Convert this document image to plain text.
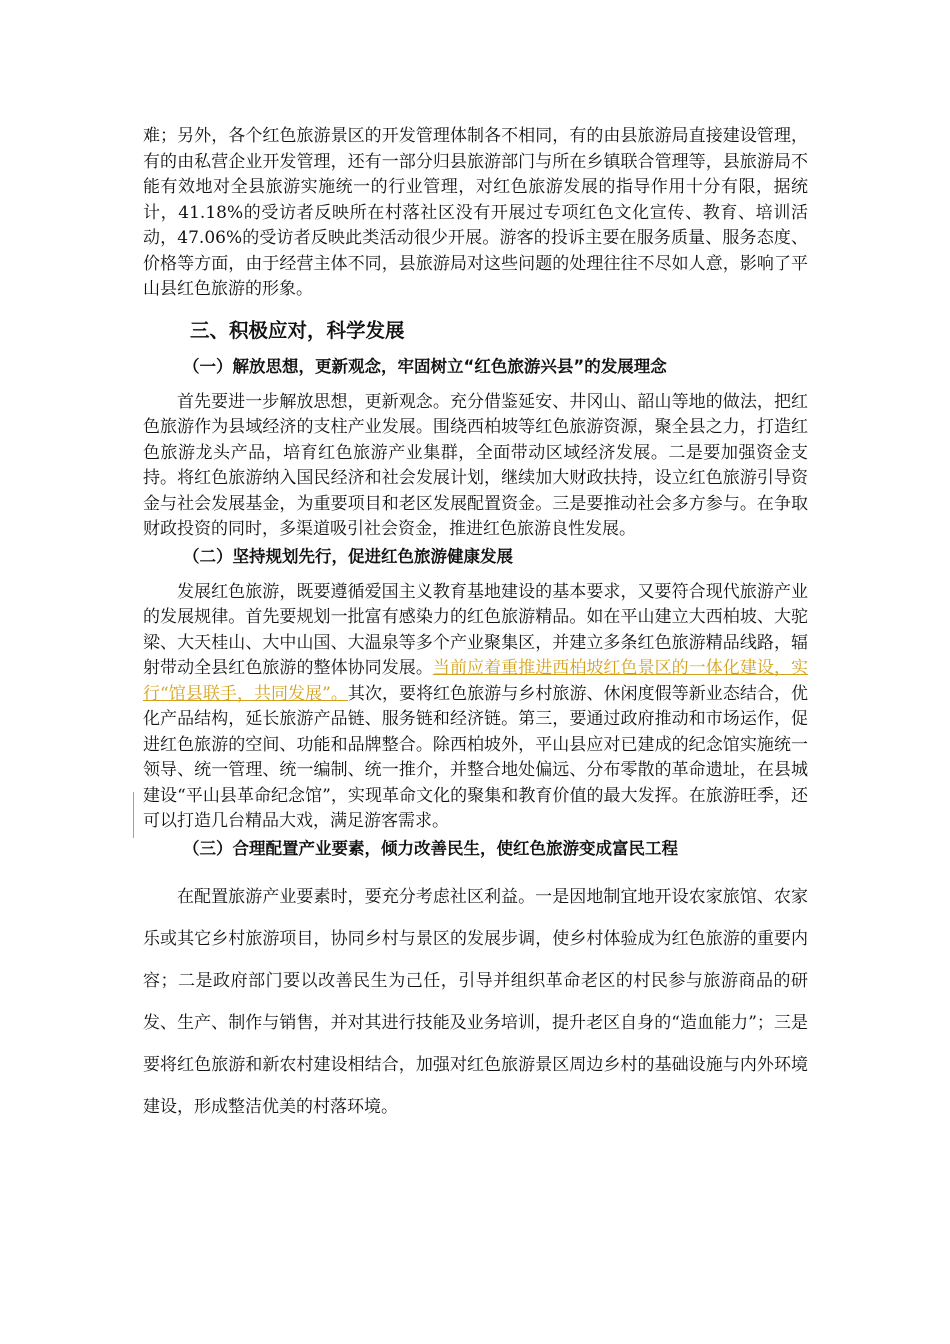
难；另外，各个红色旅游景区的开发管理体制各不相同，有的由县旅游局直接建设管理，有的由私营企业开发管理，还有一部分归县旅游部门与所在乡镇联合管理等，县旅游局不能有效地对全县旅游实施统一的行业管理，对红色旅游发展的指导作用十分有限，据统计，41.18%的受访者反映所在村落社区没有开展过专项红色文化宣传、教育、培训活动，47.06%的受访者反映此类活动很少开展。游客的投诉主要在服务质量、服务态度、价格等方面，由于经营主体不同，县旅游局对这些问题的处理往往不尽如人意，影响了平山县红色旅游的形象。

三、积极应对，科学发展
（一）解放思想，更新观念，牢固树立“红色旅游兴县”的发展理念

首先要进一步解放思想，更新观念。充分借鉴延安、井冈山、韶山等地的做法，把红色旅游作为县域经济的支柱产业发展。围绕西柏坡等红色旅游资源，聚全县之力，打造红色旅游龙头产品，培育红色旅游产业集群，全面带动区域经济发展。二是要加强资金支持。将红色旅游纳入国民经济和社会发展计划，继续加大财政扶持，设立红色旅游引导资金与社会发展基金，为重要项目和老区发展配置资金。三是要推动社会多方参与。在争取财政投资的同时，多渠道吸引社会资金，推进红色旅游良性发展。

（二）坚持规划先行，促进红色旅游健康发展

发展红色旅游，既要遵循爱国主义教育基地建设的基本要求，又要符合现代旅游产业的发展规律。首先要规划一批富有感染力的红色旅游精品。如在平山建立大西柏坡、大驼梁、大天桂山、大中山国、大温泉等多个产业聚集区，并建立多条红色旅游精品线路，辐射带动全县红色旅游的整体协同发展。当前应着重推进西柏坡红色景区的一体化建设，实行“馆县联手，共同发展”。其次，要将红色旅游与乡村旅游、休闲度假等新业态结合，优化产品结构，延长旅游产品链、服务链和经济链。第三，要通过政府推动和市场运作，促进红色旅游的空间、功能和品牌整合。除西柏坡外，平山县应对已建成的纪念馆实施统一领导、统一管理、统一编制、统一推介，并整合地处偏远、分布零散的革命遗址，在县城建设“平山县革命纪念馆”，实现革命文化的聚集和教育价值的最大发挥。在旅游旺季，还可以打造几台精品大戏，满足游客需求。

（三）合理配置产业要素，倾力改善民生，使红色旅游变成富民工程

在配置旅游产业要素时，要充分考虑社区利益。一是因地制宜地开设农家旅馆、农家乐或其它乡村旅游项目，协同乡村与景区的发展步调，使乡村体验成为红色旅游的重要内容；二是政府部门要以改善民生为己任，引导并组织革命老区的村民参与旅游商品的研发、生产、制作与销售，并对其进行技能及业务培训，提升老区自身的“造血能力”；三是要将红色旅游和新农村建设相结合，加强对红色旅游景区周边乡村的基础设施与内外环境建设，形成整洁优美的村落环境。
